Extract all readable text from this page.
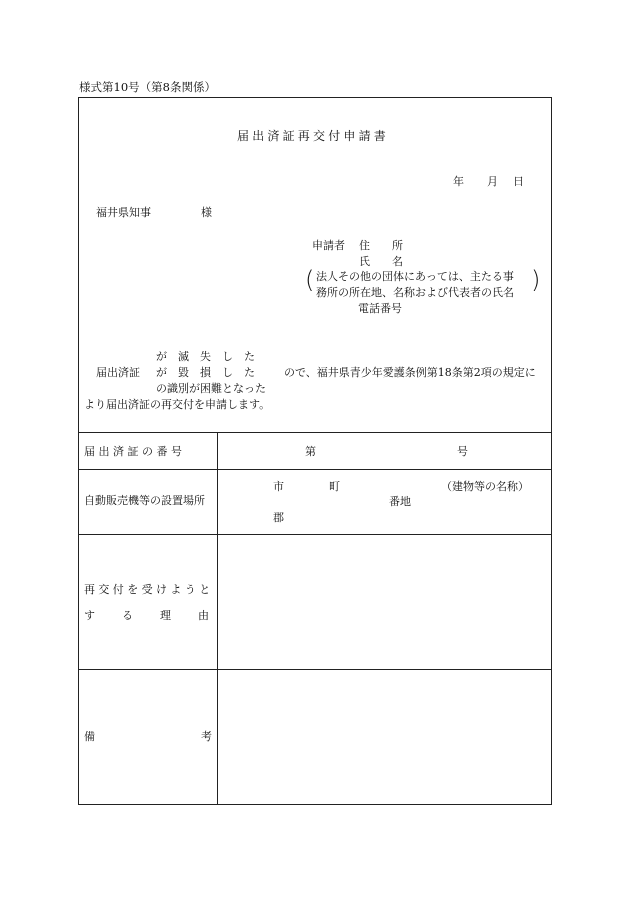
様式第10号（第8条関係）
届出済証再交付申請書
年 月 日
福井県知事	様
申請者 住　　所
氏　　名
( 法人その他の団体にあっては、主たる事
務所の所在地、名称および代表者の氏名 )
電話番号
が　滅　失　し　た
届出済証 が　毀　損　し　た	ので、福井県青少年愛護条例第18条第2項の規定に
の識別が困難となった
より届出済証の再交付を申請します。
届 出 済 証 の 番 号	第	号
自動販売機等の設置場所
市	町	（建物等の名称）
番地
郡
再交付を受けようと
す　る　理　由
備	考
